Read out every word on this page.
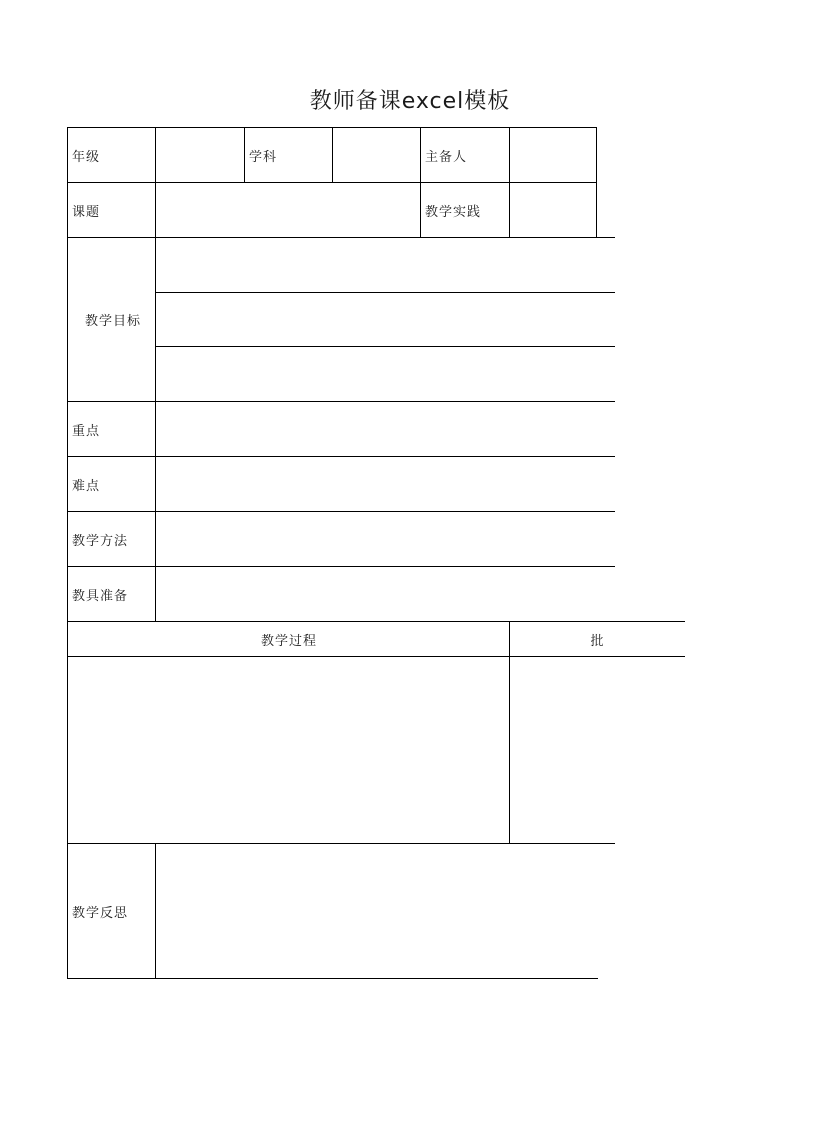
教师备课excel模板
年级	学科	主备人
课题	教学实践
教学目标
重点
难点
教学方法
教具准备
教学过程	批
教学反思
